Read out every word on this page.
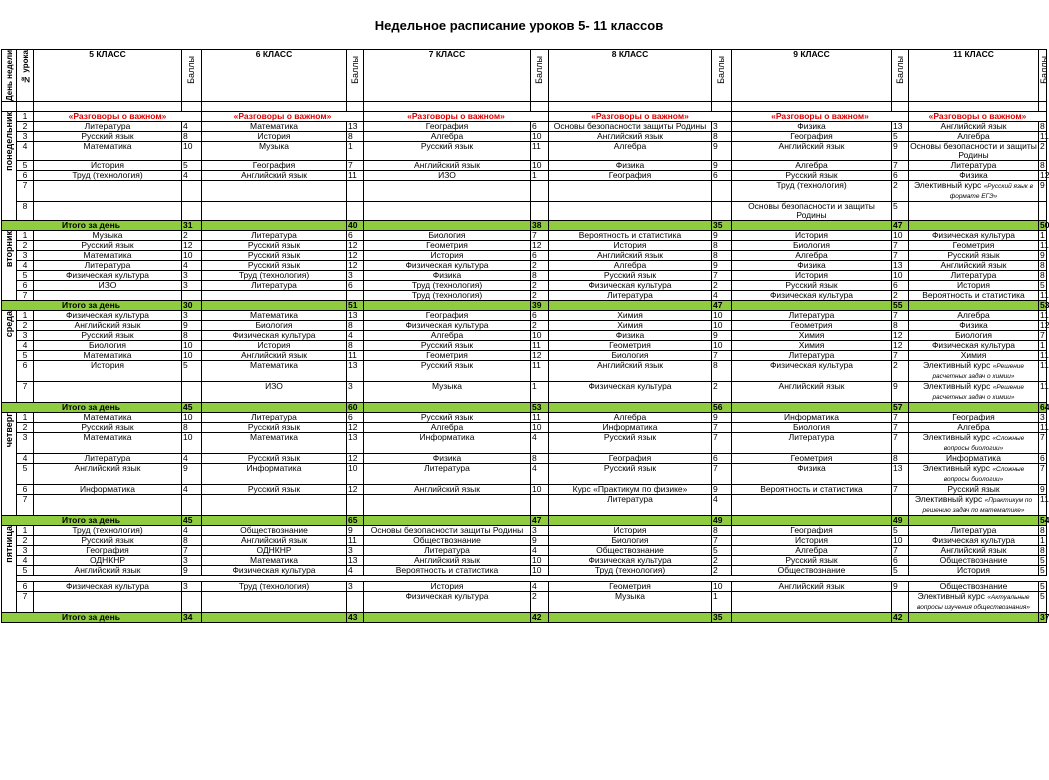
Недельное расписание уроков 5- 11 классов
День недели	№ урока	5 КЛАСС	Баллы	6 КЛАСС	Баллы	7 КЛАСС	Баллы	8 КЛАСС	Баллы	9 КЛАСС	Баллы	11 КЛАСС	Баллы

понедельник	1	«Разговоры о важном»		«Разговоры о важном»		«Разговоры о важном»		«Разговоры о важном»		«Разговоры о важном»		«Разговоры о важном»	
	2	Литература	4	Математика	13	География	6	Основы безопасности защиты Родины	3	Физика	13	Английский язык	8
	3	Русский язык	8	История	8	Алгебра	10	Английский язык	8	География	5	Алгебра	11
	4	Математика	10	Музыка	1	Русский язык	11	Алгебра	9	Английский язык	9	Основы безопасности и защиты Родины	2
	5	История	5	География	7	Английский язык	10	Физика	9	Алгебра	7	Литература	8
	6	Труд (технология)	4	Английский язык	11	ИЗО	1	География	6	Русский язык	6	Физика	12
	7									Труд (технология)	2	Элективный курс «Русский язык в формате ЕГЭ»	9
	8									Основы безопасности и защиты Родины	5		
Итого за день			31		40		38		35		47		50

вторник	1	Музыка	2	Литература	6	Биология	7	Вероятность и статистика	9	История	10	Физическая культура	1
	2	Русский язык	12	Русский язык	12	Геометрия	12	История	8	Биология	7	Геометрия	11
	3	Математика	10	Русский язык	12	История	6	Английский язык	8	Алгебра	7	Русский язык	9
	4	Литература	4	Русский язык	12	Физическая культура	2	Алгебра	9	Физика	13	Английский язык	8
	5	Физическая культура	3	Труд (технология)	3	Физика	8	Русский язык	7	История	10	Литература	8
	6	ИЗО	3	Литература	6	Труд (технология)	2	Физическая культура	2	Русский язык	6	История	5
	7					Труд (технология)	2	Литература	4	Физическая культура	2	Вероятность и статистика	11
Итого за день			30		51		39		47		55		53

среда	1	Физическая культура	3	Математика	13	География	6	Химия	10	Литература	7	Алгебра	11
	2	Английский язык	9	Биология	8	Физическая культура	2	Химия	10	Геометрия	8	Физика	12
	3	Русский язык	8	Физическая культура	4	Алгебра	10	Физика	9	Химия	12	Биология	7
	4	Биология	10	История	8	Русский язык	11	Геометрия	10	Химия	12	Физическая культура	1
	5	Математика	10	Английский язык	11	Геометрия	12	Биология	7	Литература	7	Химия	11
	6	История	5	Математика	13	Русский язык	11	Английский язык	8	Физическая культура	2	Элективный курс «Решение расчетных задач о химии»	11
	7			ИЗО	3	Музыка	1	Физическая культура	2	Английский язык	9	Элективный курс «Решение расчетных задач о химии»	11
Итого за день			45		60		53		56		57		64

четверг	1	Математика	10	Литература	6	Русский язык	11	Алгебра	9	Информатика	7	География	3
	2	Русский язык	8	Русский язык	12	Алгебра	10	Информатика	7	Биология	7	Алгебра	11
	3	Математика	10	Математика	13	Информатика	4	Русский язык	7	Литература	7	Элективный курс «Сложные вопросы биологии»	7
	4	Литература	4	Русский язык	12	Физика	8	География	6	Геометрия	8	Информатика	6
	5	Английский язык	9	Информатика	10	Литература	4	Русский язык	7	Физика	13	Элективный курс «Сложные вопросы биологии»	7
	6	Информатика	4	Русский язык	12	Английский язык	10	Курс «Практикум по физике»	9	Вероятность и статистика	7	Русский язык	9
	7							Литература	4			Элективный курс «Практикум по решению задач по математике»	11
Итого за день			45		65		47		49		49		54

пятница	1	Труд (технология)	4	Обществознание	9	Основы безопасности защиты Родины	3	История	8	География	5	Литература	8
	2	Русский язык	8	Английский язык	11	Обществознание	9	Биология	7	История	10	Физическая культура	1
	3	География	7	ОДНКНР	3	Литература	4	Обществознание	5	Алгебра	7	Английский язык	8
	4	ОДНКНР	3	Математика	13	Английский язык	10	Физическая культура	2	Русский язык	6	Обществознание	5
	5	Английский язык	9	Физическая культура	4	Вероятность и статистика	10	Труд (технология)	2	Обществознание	5	История	5

	6	Физическая культура	3	Труд (технология)	3	История	4	Геометрия	10	Английский язык	9	Обществознание	5
	7					Физическая культура	2	Музыка	1			Элективный курс «Актуальные вопросы изучения обществознания»	5
Итого за день			34		43		42		35		42		37
